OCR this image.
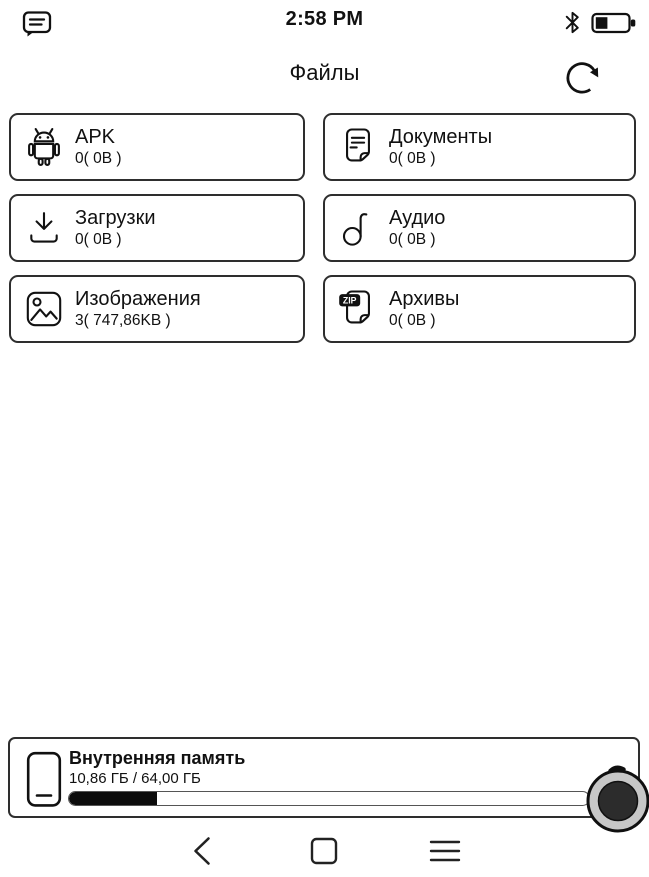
2:58 PM
Файлы
APK
0( 0B )
Документы
0( 0B )
Загрузки
0( 0B )
Аудио
0( 0B )
Изображения
3( 747,86KB )
ZIP Архивы
0( 0B )
Внутренняя память
10,86 ГБ / 64,00 ГБ
